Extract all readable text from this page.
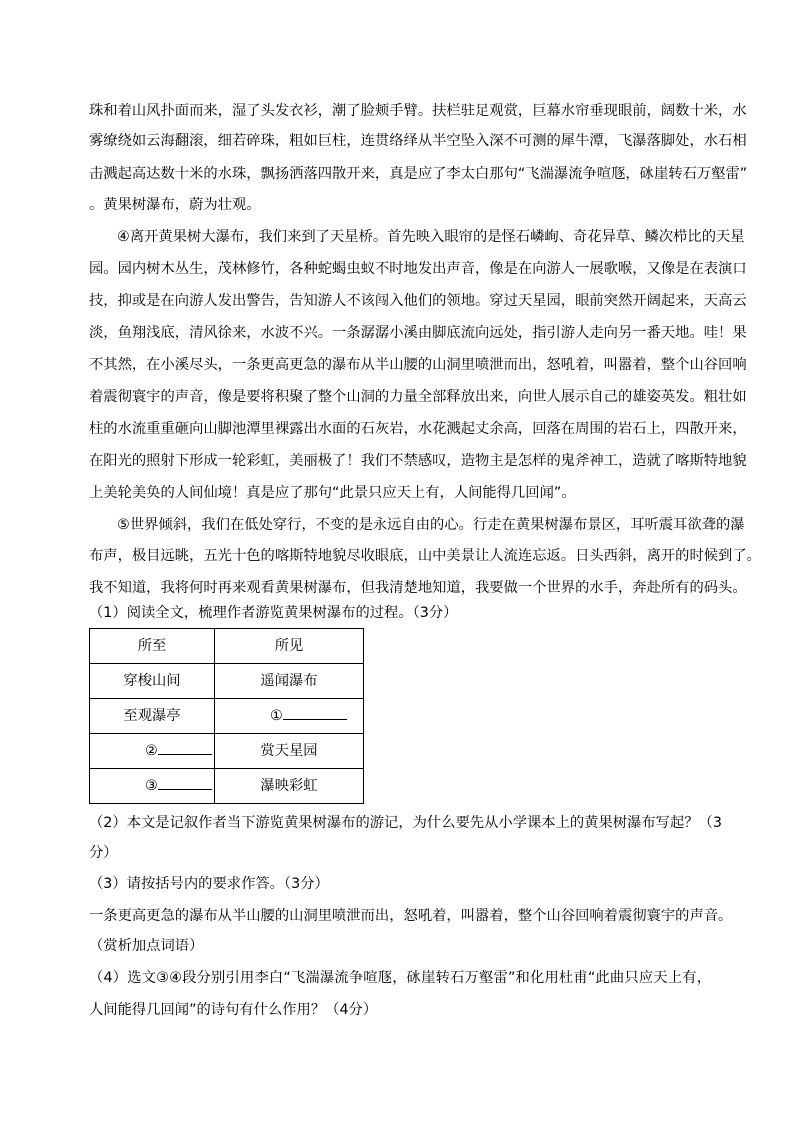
珠和着山风扑面而来，湿了头发衣衫，潮了脸颊手臂。扶栏驻足观赏，巨幕水帘垂现眼前，阔数十米，水
雾缭绕如云海翻滚，细若碎珠，粗如巨柱，连贯络绎从半空坠入深不可测的犀牛潭，飞瀑落脚处，水石相
击溅起高达数十米的水珠，飘扬洒落四散开来，真是应了李太白那句“飞湍瀑流争喧豗，砯崖转石万壑雷”
。黄果树瀑布，蔚为壮观。
④离开黄果树大瀑布，我们来到了天星桥。首先映入眼帘的是怪石嶙峋、奇花异草、鳞次栉比的天星
园。园内树木丛生，茂林修竹，各种蛇蝎虫蚁不时地发出声音，像是在向游人一展歌喉，又像是在表演口
技，抑或是在向游人发出警告，告知游人不该闯入他们的领地。穿过天星园，眼前突然开阔起来，天高云
淡，鱼翔浅底，清风徐来，水波不兴。一条潺潺小溪由脚底流向远处，指引游人走向另一番天地。哇！果
不其然，在小溪尽头，一条更高更急的瀑布从半山腰的山洞里喷泄而出，怒吼着，叫嚣着，整个山谷回响
着震彻寰宇的声音，像是要将积聚了整个山洞的力量全部释放出来，向世人展示自己的雄姿英发。粗壮如
柱的水流重重砸向山脚池潭里裸露出水面的石灰岩，水花溅起丈余高，回落在周围的岩石上，四散开来，
在阳光的照射下形成一轮彩虹，美丽极了！我们不禁感叹，造物主是怎样的鬼斧神工，造就了喀斯特地貌
上美轮美奂的人间仙境！真是应了那句“此景只应天上有，人间能得几回闻”。
⑤世界倾斜，我们在低处穿行，不变的是永远自由的心。行走在黄果树瀑布景区，耳听震耳欲聋的瀑
布声，极目远眺，五光十色的喀斯特地貌尽收眼底，山中美景让人流连忘返。日头西斜，离开的时候到了。
我不知道，我将何时再来观看黄果树瀑布，但我清楚地知道，我要做一个世界的水手，奔赴所有的码头。
（1）阅读全文，梳理作者游览黄果树瀑布的过程。（3分）
所至	所见
穿梭山间	遥闻瀑布
至观瀑亭	①
②	赏天星园
③	瀑映彩虹
（2）本文是记叙作者当下游览黄果树瀑布的游记，为什么要先从小学课本上的黄果树瀑布写起？（3
分）
（3）请按括号内的要求作答。（3分）
一条更高更急的瀑布从半山腰的山洞里喷泄而出，怒吼着，叫嚣着，整个山谷回响着震彻寰宇的声音。
（赏析加点词语）
（4）选文③④段分别引用李白“飞湍瀑流争喧豗，砯崖转石万壑雷”和化用杜甫“此曲只应天上有，
人间能得几回闻”的诗句有什么作用？（4分）
